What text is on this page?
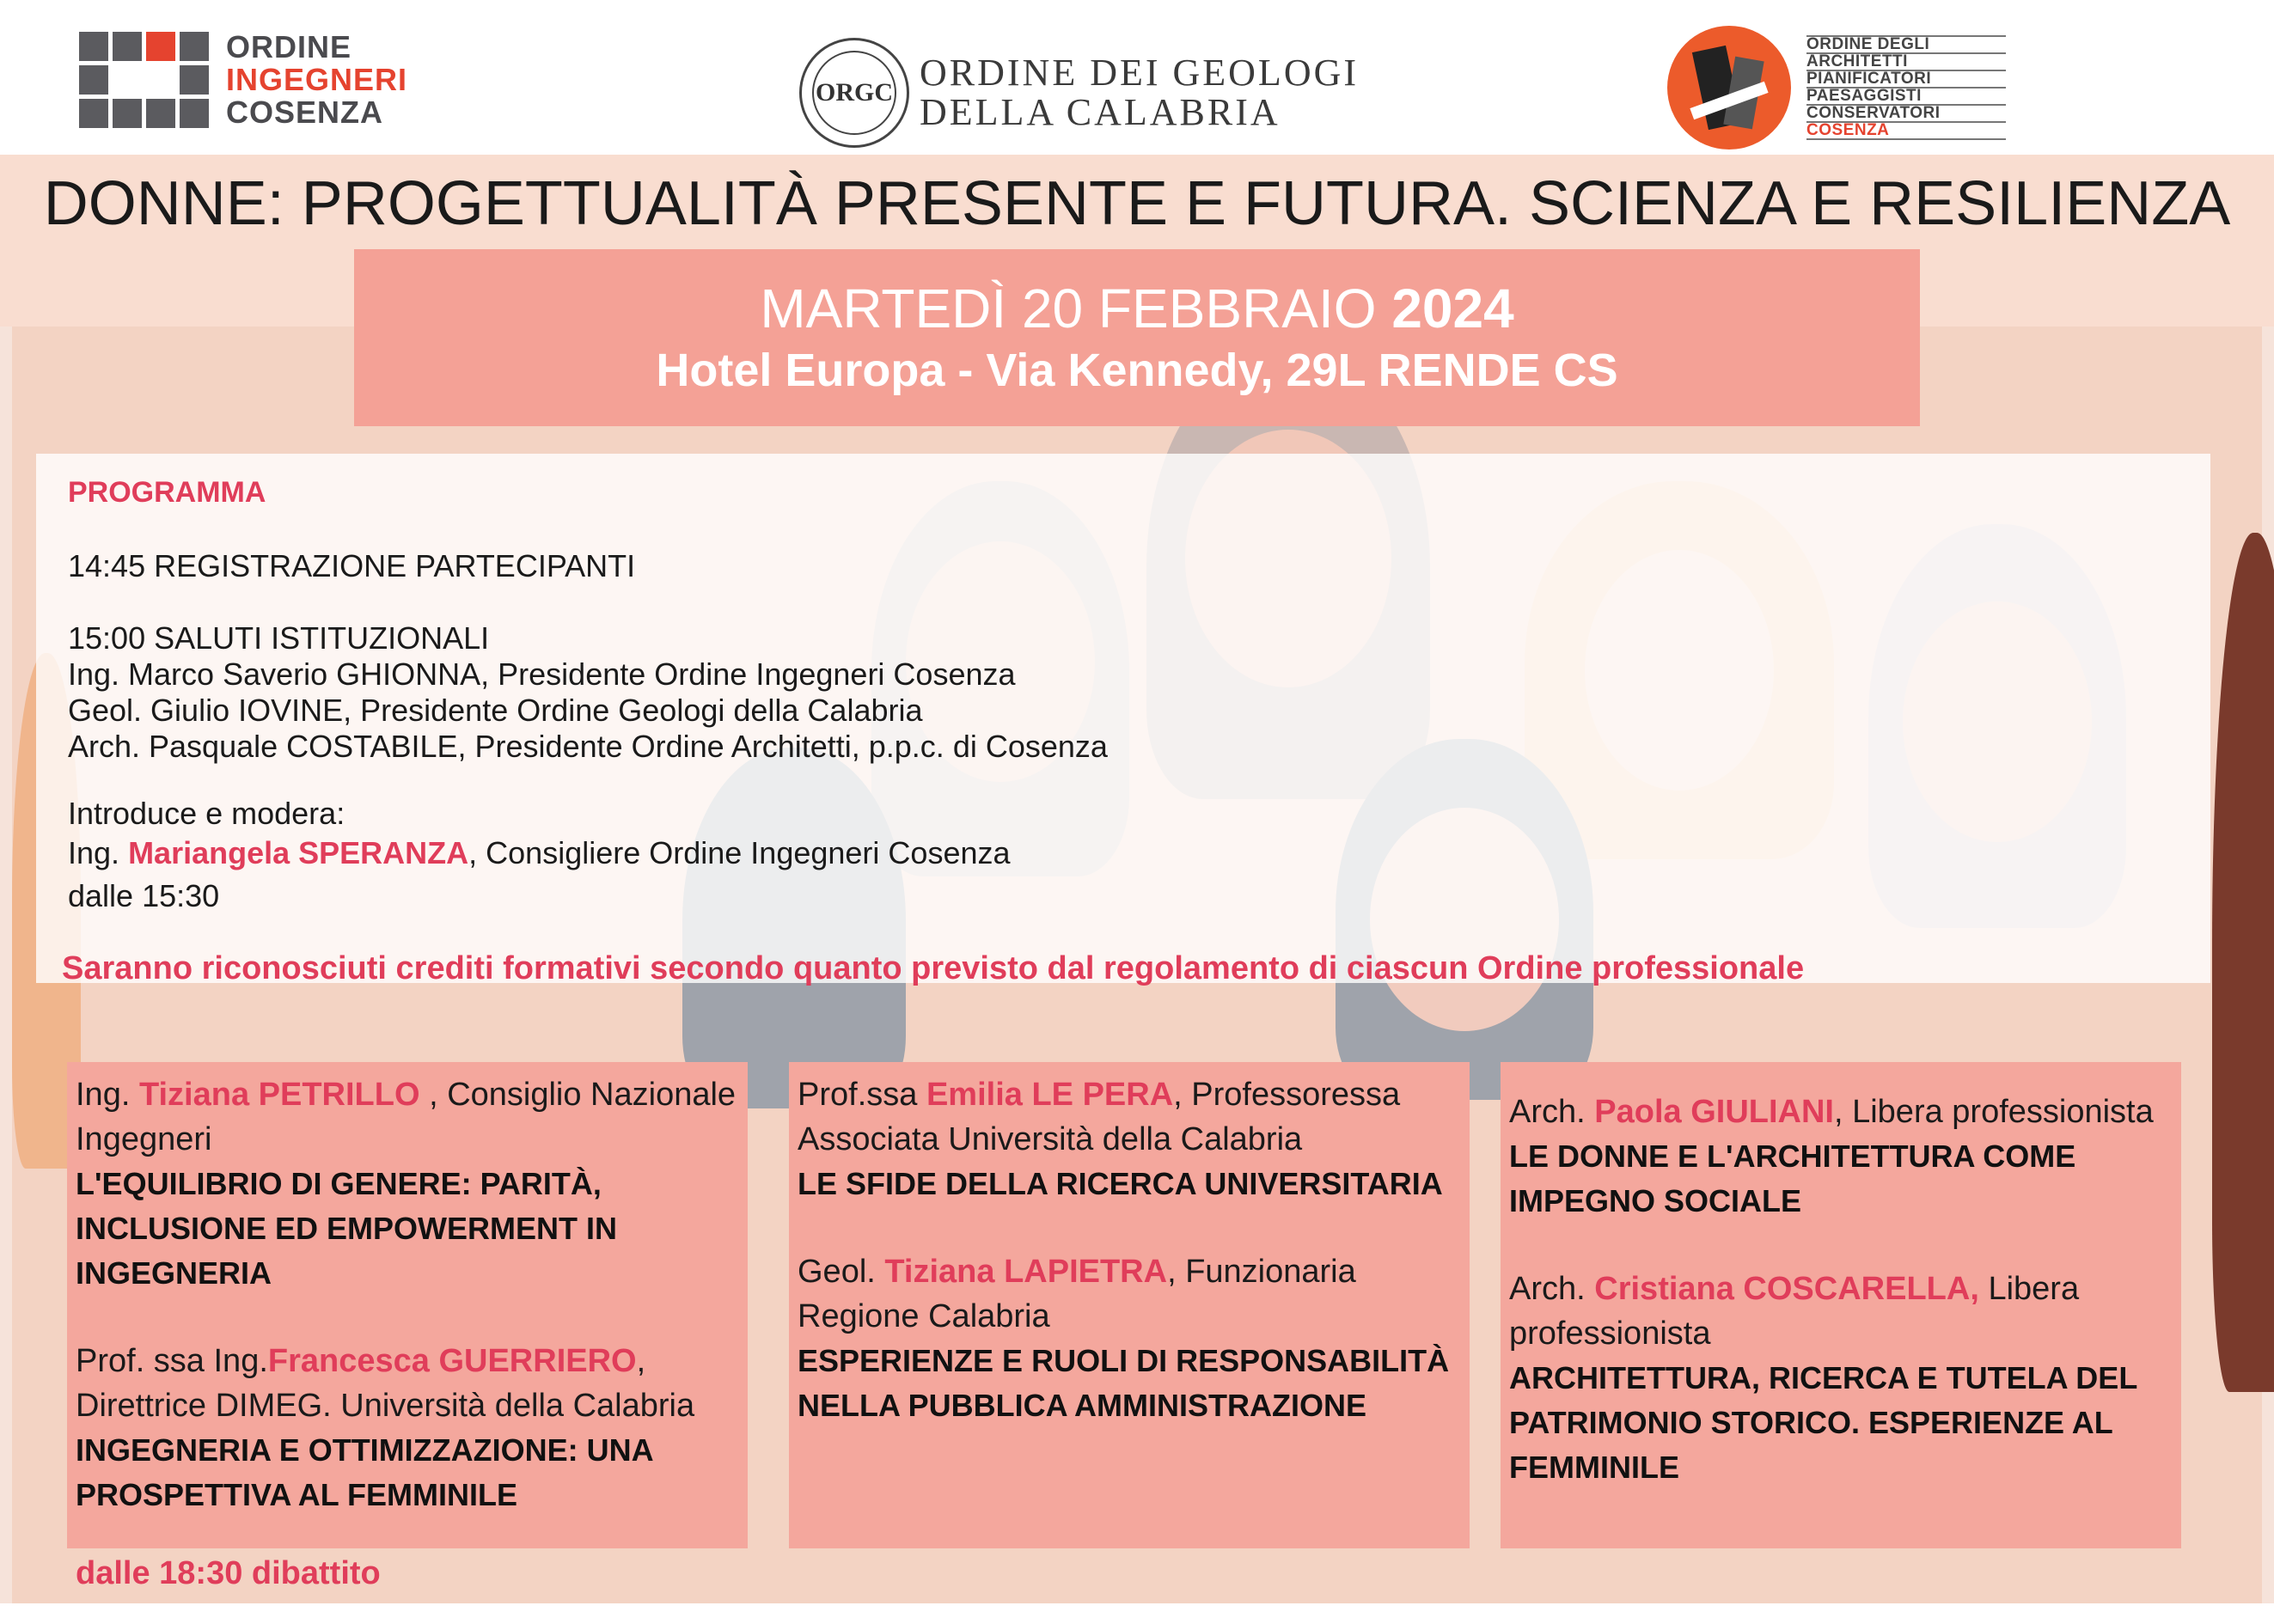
ORDINE
INGEGNERI
COSENZA
ORGC ORDINE DEI GEOLOGI
DELLA CALABRIA
ORDINE DEGLI
ARCHITETTI
PIANIFICATORI
PAESAGGISTI
CONSERVATORI
COSENZA
DONNE: PROGETTUALITÀ PRESENTE E FUTURA. SCIENZA E RESILIENZA
MARTEDÌ 20 FEBBRAIO 2024
Hotel Europa - Via Kennedy, 29L RENDE CS
PROGRAMMA
14:45 REGISTRAZIONE PARTECIPANTI
15:00 SALUTI ISTITUZIONALI
Ing. Marco Saverio GHIONNA, Presidente Ordine Ingegneri Cosenza
Geol. Giulio IOVINE, Presidente Ordine Geologi della Calabria
Arch. Pasquale COSTABILE, Presidente Ordine Architetti, p.p.c. di Cosenza
Introduce e modera:
Ing. Mariangela SPERANZA, Consigliere Ordine Ingegneri Cosenza
dalle 15:30
Saranno riconosciuti crediti formativi secondo quanto previsto dal regolamento di ciascun Ordine professionale
Ing. Tiziana PETRILLO , Consiglio Nazionale
Ingegneri
L'EQUILIBRIO DI GENERE: PARITÀ,
INCLUSIONE ED EMPOWERMENT IN
INGEGNERIA
Prof. ssa Ing.Francesca GUERRIERO,
Direttrice DIMEG. Università della Calabria
INGEGNERIA E OTTIMIZZAZIONE: UNA
PROSPETTIVA AL FEMMINILE
Prof.ssa Emilia LE PERA, Professoressa
Associata Università della Calabria
LE SFIDE DELLA RICERCA UNIVERSITARIA
Geol. Tiziana LAPIETRA, Funzionaria
Regione Calabria
ESPERIENZE E RUOLI DI RESPONSABILITÀ
NELLA PUBBLICA AMMINISTRAZIONE
Arch. Paola GIULIANI, Libera professionista
LE DONNE E L'ARCHITETTURA COME
IMPEGNO SOCIALE
Arch. Cristiana COSCARELLA, Libera
professionista
ARCHITETTURA, RICERCA E TUTELA DEL
PATRIMONIO STORICO. ESPERIENZE AL
FEMMINILE
dalle 18:30 dibattito
